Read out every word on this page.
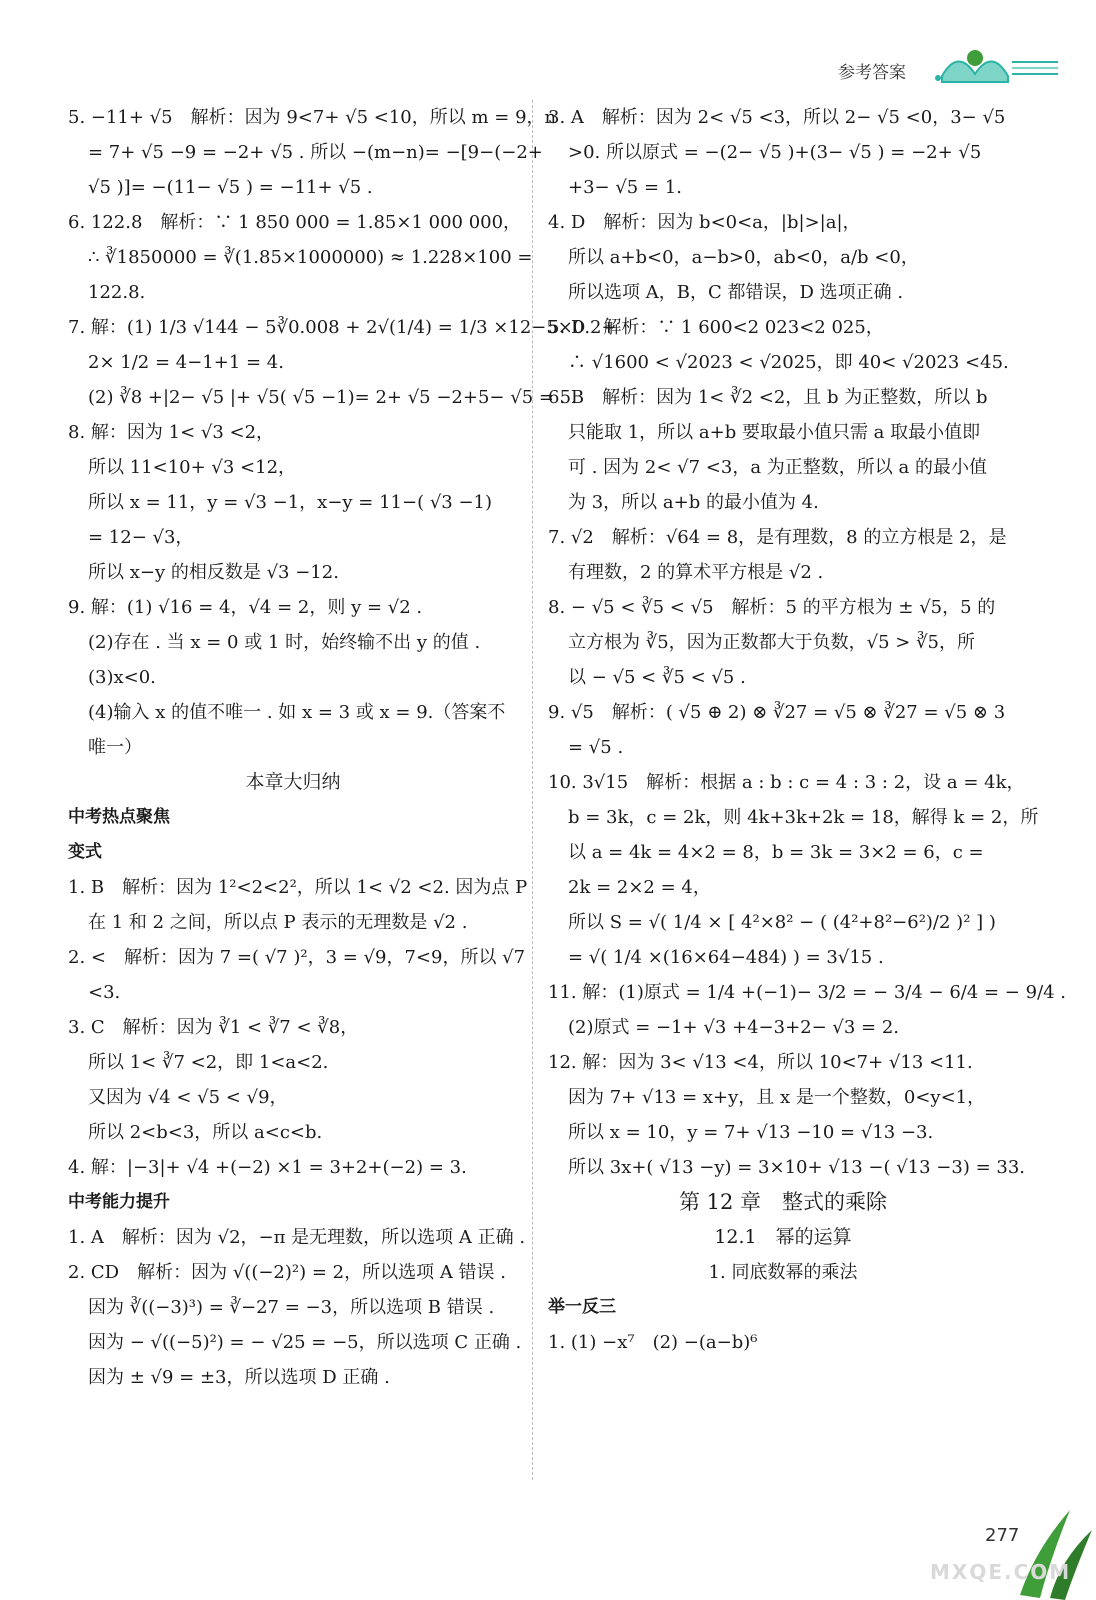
参考答案
5. −11+ √5　解析：因为 9<7+ √5 <10，所以 m = 9，n
= 7+ √5 −9 = −2+ √5 . 所以 −(m−n)= −[9−(−2+
√5 )]= −(11− √5 ) = −11+ √5 .
6. 122.8　解析：∵ 1 850 000 = 1.85×1 000 000，
∴ ∛1850000 = ∛(1.85×1000000) ≈ 1.228×100 =
122.8.
7. 解：(1) 1/3 √144 − 5∛0.008 + 2√(1/4) = 1/3 ×12−5×0.2+
2× 1/2 = 4−1+1 = 4.
(2) ∛8 +|2− √5 |+ √5( √5 −1)= 2+ √5 −2+5− √5 = 5.
8. 解：因为 1< √3 <2，
所以 11<10+ √3 <12，
所以 x = 11，y = √3 −1，x−y = 11−( √3 −1)
= 12− √3，
所以 x−y 的相反数是 √3 −12.
9. 解：(1) √16 = 4，√4 = 2，则 y = √2 .
(2)存在 . 当 x = 0 或 1 时，始终输不出 y 的值 .
(3)x<0.
(4)输入 x 的值不唯一 . 如 x = 3 或 x = 9.（答案不
唯一）
本章大归纳
中考热点聚焦
变式
1. B　解析：因为 1²<2<2²，所以 1< √2 <2. 因为点 P
在 1 和 2 之间，所以点 P 表示的无理数是 √2 .
2. <　解析：因为 7 =( √7 )²，3 = √9，7<9，所以 √7
<3.
3. C　解析：因为 ∛1 < ∛7 < ∛8，
所以 1< ∛7 <2，即 1<a<2.
又因为 √4 < √5 < √9，
所以 2<b<3，所以 a<c<b.
4. 解：|−3|+ √4 +(−2) ×1 = 3+2+(−2) = 3.
中考能力提升
1. A　解析：因为 √2，−π 是无理数，所以选项 A 正确 .
2. CD　解析：因为 √((−2)²) = 2，所以选项 A 错误 .
因为 ∛((−3)³) = ∛−27 = −3，所以选项 B 错误 .
因为 − √((−5)²) = − √25 = −5，所以选项 C 正确 .
因为 ± √9 = ±3，所以选项 D 正确 .
3. A　解析：因为 2< √5 <3，所以 2− √5 <0，3− √5
>0. 所以原式 = −(2− √5 )+(3− √5 ) = −2+ √5
+3− √5 = 1.
4. D　解析：因为 b<0<a，|b|>|a|，
所以 a+b<0，a−b>0，ab<0，a/b <0，
所以选项 A，B，C 都错误，D 选项正确 .
5. D　解析：∵ 1 600<2 023<2 025，
∴ √1600 < √2023 < √2025，即 40< √2023 <45.
6. B　解析：因为 1< ∛2 <2，且 b 为正整数，所以 b
只能取 1，所以 a+b 要取最小值只需 a 取最小值即
可 . 因为 2< √7 <3，a 为正整数，所以 a 的最小值
为 3，所以 a+b 的最小值为 4.
7. √2　解析：√64 = 8，是有理数，8 的立方根是 2，是
有理数，2 的算术平方根是 √2 .
8. − √5 < ∛5 < √5　解析：5 的平方根为 ± √5，5 的
立方根为 ∛5，因为正数都大于负数，√5 > ∛5，所
以 − √5 < ∛5 < √5 .
9. √5　解析：( √5 ⊕ 2) ⊗ ∛27 = √5 ⊗ ∛27 = √5 ⊗ 3
= √5 .
10. 3√15　解析：根据 a : b : c = 4 : 3 : 2，设 a = 4k，
b = 3k，c = 2k，则 4k+3k+2k = 18，解得 k = 2，所
以 a = 4k = 4×2 = 8，b = 3k = 3×2 = 6，c =
2k = 2×2 = 4，
所以 S = √( 1/4 × [ 4²×8² − ( (4²+8²−6²)/2 )² ] )
= √( 1/4 ×(16×64−484) ) = 3√15 .
11. 解：(1)原式 = 1/4 +(−1)− 3/2 = − 3/4 − 6/4 = − 9/4 .
(2)原式 = −1+ √3 +4−3+2− √3 = 2.
12. 解：因为 3< √13 <4，所以 10<7+ √13 <11.
因为 7+ √13 = x+y，且 x 是一个整数，0<y<1，
所以 x = 10，y = 7+ √13 −10 = √13 −3.
所以 3x+( √13 −y) = 3×10+ √13 −( √13 −3) = 33.
第 12 章　整式的乘除
12.1　幂的运算
1. 同底数幂的乘法
举一反三
1. (1) −x⁷　(2) −(a−b)⁶
277
MXQE.COM
